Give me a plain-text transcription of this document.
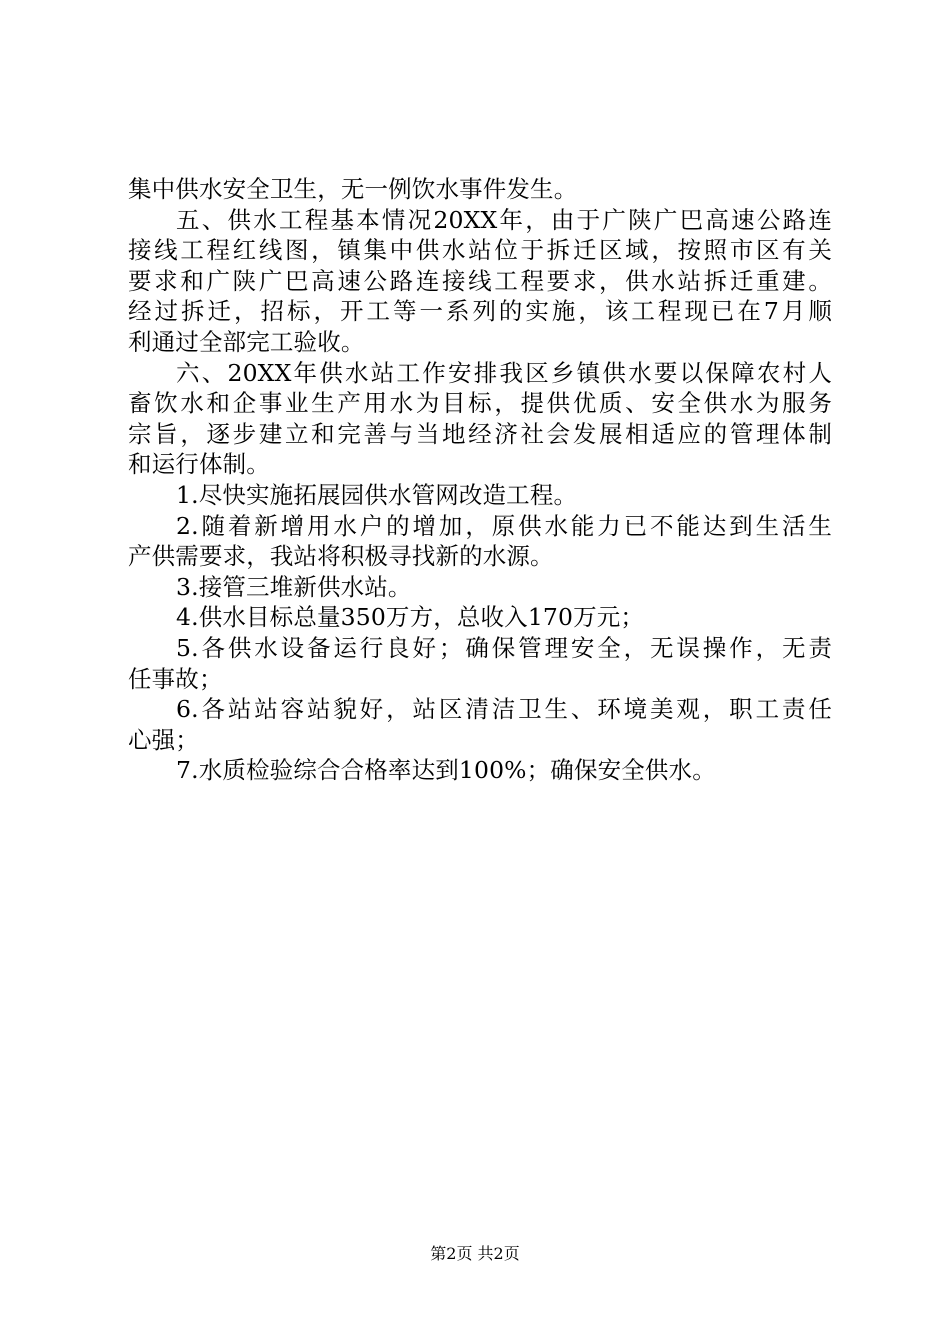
集中供水安全卫生，无一例饮水事件发生。
五、供水工程基本情况20XX年，由于广陕广巴高速公路连
接线工程红线图，镇集中供水站位于拆迁区域，按照市区有关
要求和广陕广巴高速公路连接线工程要求，供水站拆迁重建。
经过拆迁，招标，开工等一系列的实施，该工程现已在7月顺
利通过全部完工验收。
六、20XX年供水站工作安排我区乡镇供水要以保障农村人
畜饮水和企事业生产用水为目标，提供优质、安全供水为服务
宗旨，逐步建立和完善与当地经济社会发展相适应的管理体制
和运行体制。
1.尽快实施拓展园供水管网改造工程。
2.随着新增用水户的增加，原供水能力已不能达到生活生
产供需要求，我站将积极寻找新的水源。
3.接管三堆新供水站。
4.供水目标总量350万方，总收入170万元；
5.各供水设备运行良好；确保管理安全，无误操作，无责
任事故；
6.各站站容站貌好，站区清洁卫生、环境美观，职工责任
心强；
7.水质检验综合合格率达到100%；确保安全供水。
第2页 共2页
